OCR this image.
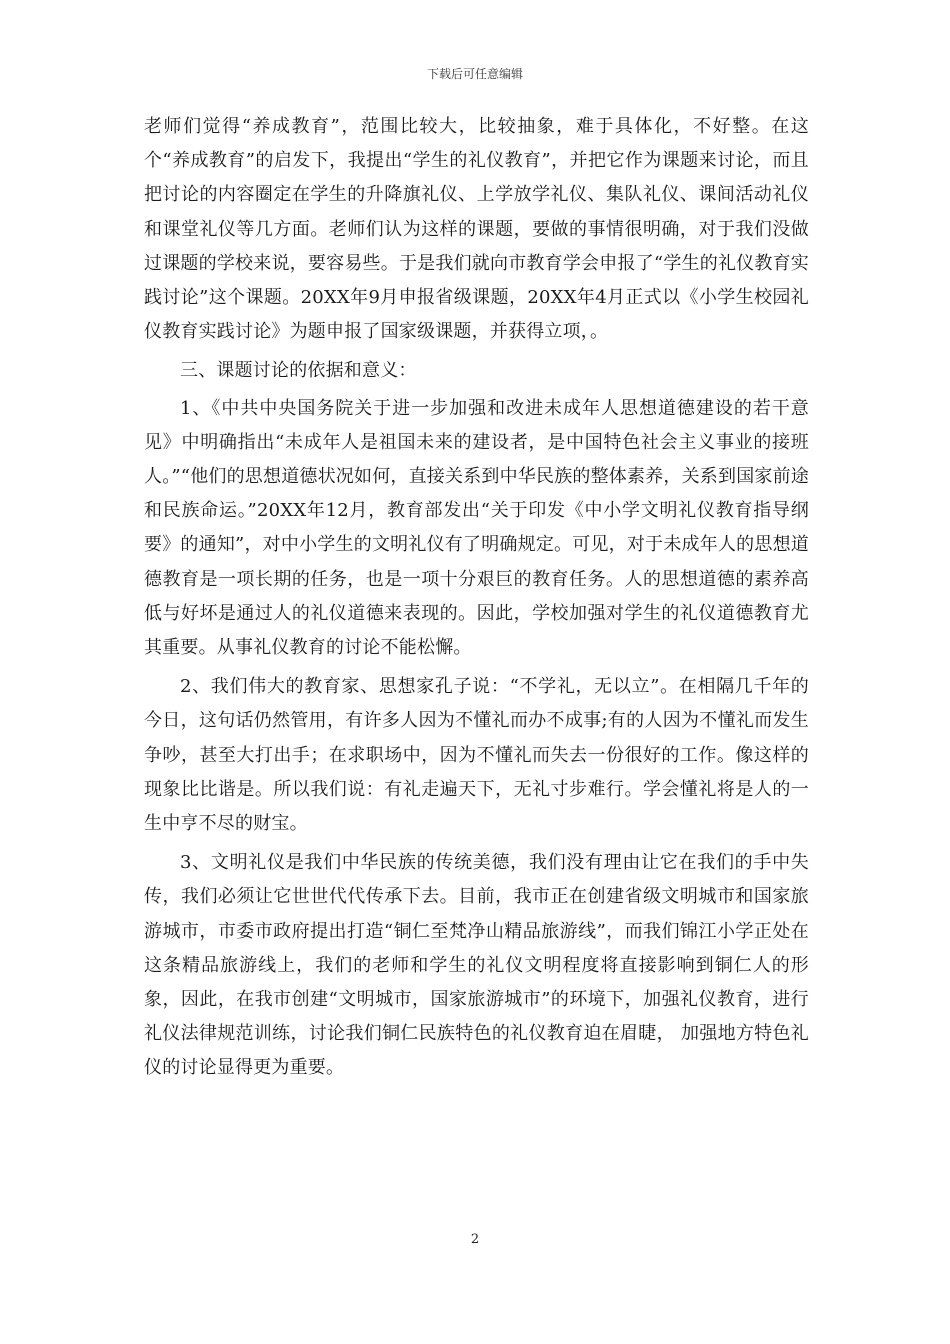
下载后可任意编辑

老师们觉得“养成教育”，范围比较大，比较抽象，难于具体化，不好整。在这个“养成教育”的启发下，我提出“学生的礼仪教育”，并把它作为课题来讨论，而且把讨论的内容圈定在学生的升降旗礼仪、上学放学礼仪、集队礼仪、课间活动礼仪和课堂礼仪等几方面。老师们认为这样的课题，要做的事情很明确，对于我们没做过课题的学校来说，要容易些。于是我们就向市教育学会申报了“学生的礼仪教育实践讨论”这个课题。20XX年9月申报省级课题，20XX年4月正式以《小学生校园礼仪教育实践讨论》为题申报了国家级课题，并获得立项，。

三、课题讨论的依据和意义：

1、《中共中央国务院关于进一步加强和改进未成年人思想道德建设的若干意见》中明确指出“未成年人是祖国未来的建设者，是中国特色社会主义事业的接班人。”“他们的思想道德状况如何，直接关系到中华民族的整体素养，关系到国家前途和民族命运。”20XX年12月，教育部发出“关于印发《中小学文明礼仪教育指导纲要》的通知”，对中小学生的文明礼仪有了明确规定。可见，对于未成年人的思想道德教育是一项长期的任务，也是一项十分艰巨的教育任务。人的思想道德的素养高低与好坏是通过人的礼仪道德来表现的。因此，学校加强对学生的礼仪道德教育尤其重要。从事礼仪教育的讨论不能松懈。

2、我们伟大的教育家、思想家孔子说：“不学礼，无以立”。在相隔几千年的今日，这句话仍然管用，有许多人因为不懂礼而办不成事;有的人因为不懂礼而发生争吵，甚至大打出手；在求职场中，因为不懂礼而失去一份很好的工作。像这样的现象比比谐是。所以我们说：有礼走遍天下，无礼寸步难行。学会懂礼将是人的一生中亨不尽的财宝。

3、文明礼仪是我们中华民族的传统美德，我们没有理由让它在我们的手中失传，我们必须让它世世代代传承下去。目前，我市正在创建省级文明城市和国家旅游城市，市委市政府提出打造“铜仁至梵净山精品旅游线”，而我们锦江小学正处在这条精品旅游线上，我们的老师和学生的礼仪文明程度将直接影响到铜仁人的形象，因此，在我市创建“文明城市，国家旅游城市”的环境下，加强礼仪教育，进行礼仪法律规范训练，讨论我们铜仁民族特色的礼仪教育迫在眉睫， 加强地方特色礼仪的讨论显得更为重要。

2
